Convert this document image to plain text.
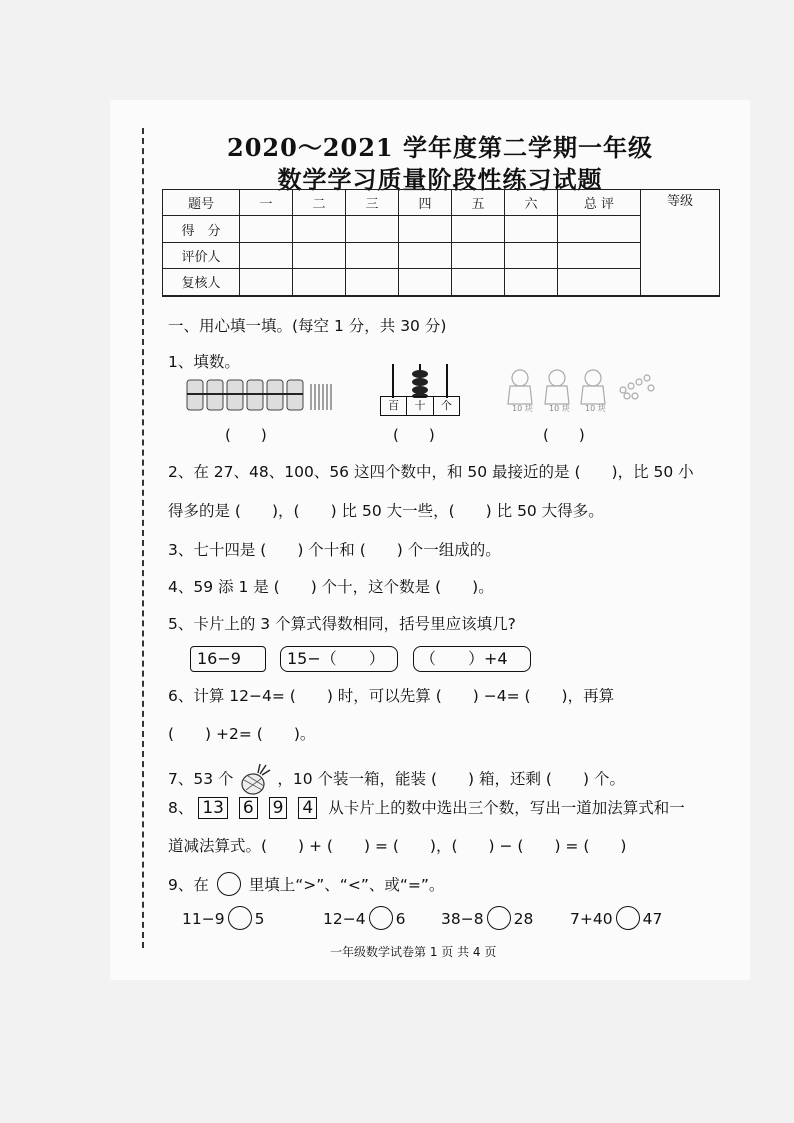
2020～2021 学年度第二学期一年级
数学学习质量阶段性练习试题
题号	一	二	三	四	五	六	总 评	等级
得　分								
评价人								
复核人								

一、用心填一填。(每空 1 分，共 30 分)
1、填数。
百	十	个	10 块 10 块 10 块
(　　)	(　　)	(　　)
2、在 27、48、100、56 这四个数中，和 50 最接近的是 (　　)，比 50 小
得多的是 (　　)，(　　) 比 50 大一些，(　　) 比 50 大得多。
3、七十四是 (　　) 个十和 (　　) 个一组成的。
4、59 添 1 是 (　　) 个十，这个数是 (　　)。
5、卡片上的 3 个算式得数相同，括号里应该填几?
16−9	15−（　　）	（　　）+4
6、计算 12−4= (　　) 时，可以先算 (　　) −4= (　　)，再算
(　　) +2= (　　)。
7、53 个	，10 个装一箱，能装 (　　) 箱，还剩 (　　) 个。
8、 13 6 9 4 从卡片上的数中选出三个数，写出一道加法算式和一
道减法算式。(　　) + (　　) = (　　)，(　　) − (　　) = (　　)
9、在	里填上“>”、“<”、或“=”。
11−9 5	12−4 6 38−8 28 7+40 47
一年级数学试卷第 1 页 共 4 页
